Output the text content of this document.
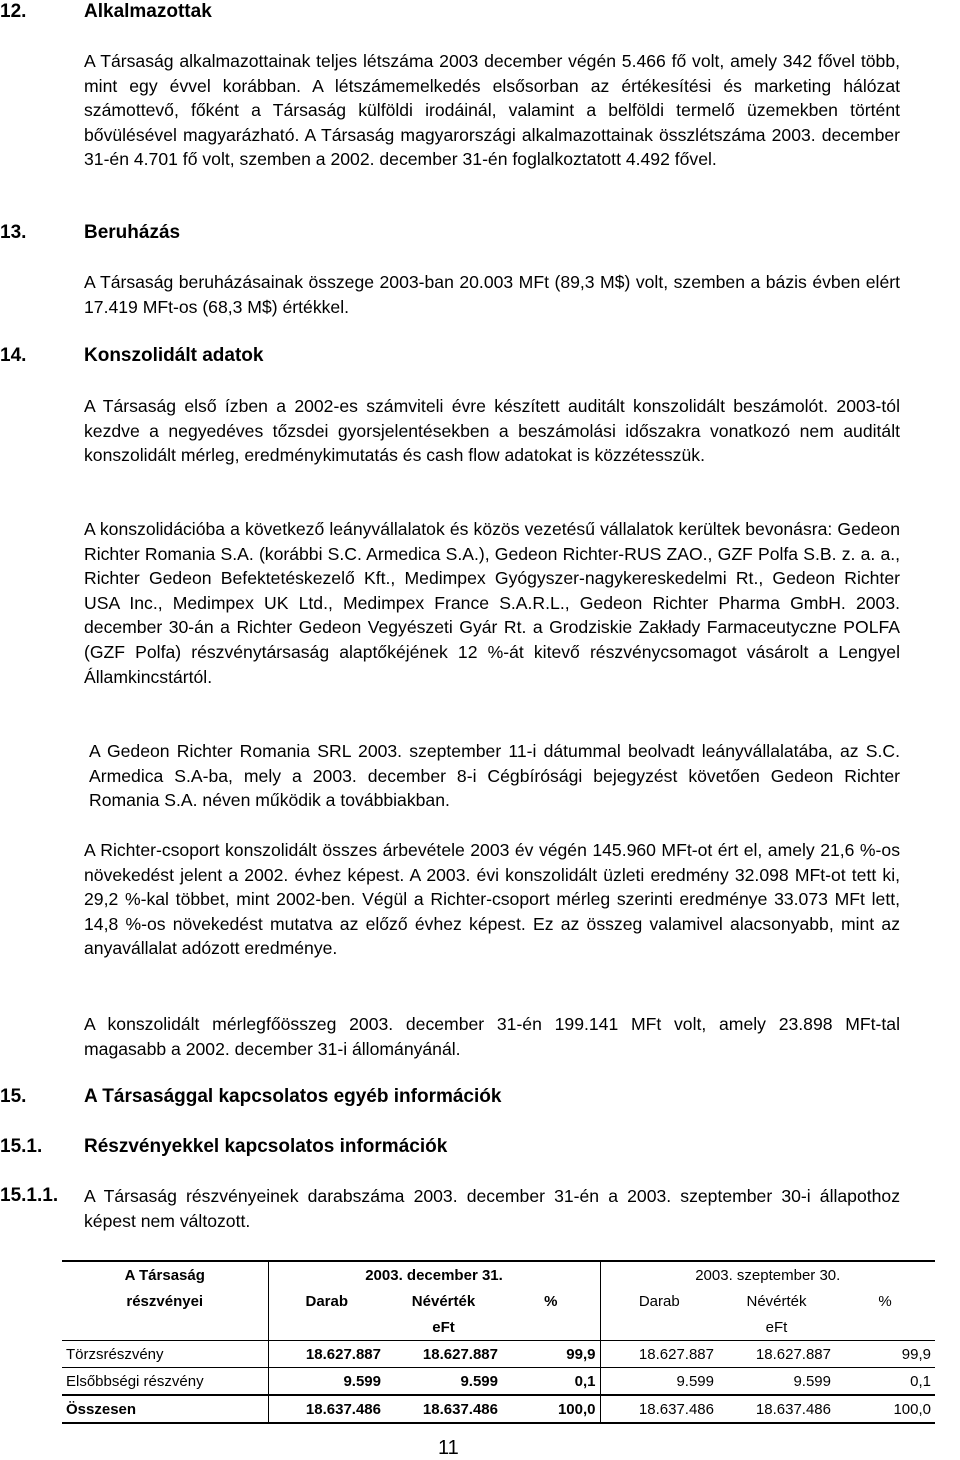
12.	Alkalmazottak
A Társaság alkalmazottainak teljes létszáma 2003 december végén 5.466 fő volt, amely 342 fővel több, mint egy évvel korábban. A létszámemelkedés elsősorban az értékesítési és marketing hálózat számottevő, főként a Társaság külföldi irodáinál, valamint a belföldi termelő üzemekben történt bővülésével magyarázható. A Társaság magyarországi alkalmazottainak összlétszáma 2003. december 31-én 4.701 fő volt, szemben a 2002. december 31-én foglalkoztatott 4.492 fővel.
13.	Beruházás
A Társaság beruházásainak összege 2003-ban 20.003 MFt (89,3 M$) volt, szemben a bázis évben elért 17.419 MFt-os (68,3 M$) értékkel.
14.	Konszolidált adatok
A Társaság első ízben a 2002-es számviteli évre készített auditált konszolidált beszámolót. 2003-tól kezdve a negyedéves tőzsdei gyorsjelentésekben a beszámolási időszakra vonatkozó nem auditált konszolidált mérleg, eredménykimutatás és cash flow adatokat is közzétesszük.
A konszolidációba a következő leányvállalatok és közös vezetésű vállalatok kerültek bevonásra: Gedeon Richter Romania S.A. (korábbi S.C. Armedica S.A.), Gedeon Richter-RUS ZAO., GZF Polfa S.B. z. a. a., Richter Gedeon Befektetéskezelő Kft., Medimpex Gyógyszer-nagykereskedelmi Rt., Gedeon Richter USA Inc., Medimpex UK Ltd., Medimpex France S.A.R.L., Gedeon Richter Pharma GmbH. 2003. december 30-án a Richter Gedeon Vegyészeti Gyár Rt. a Grodziskie Zakłady Farmaceutyczne POLFA (GZF Polfa) részvénytársaság alaptőkéjének 12 %-át kitevő részvénycsomagot vásárolt a Lengyel Államkincstártól.
A Gedeon Richter Romania SRL 2003. szeptember 11-i dátummal beolvadt leányvállalatába, az S.C. Armedica S.A-ba, mely a 2003. december 8-i Cégbírósági bejegyzést követően Gedeon Richter Romania S.A. néven működik a továbbiakban.
A Richter-csoport konszolidált összes árbevétele 2003 év végén 145.960 MFt-ot ért el, amely 21,6 %-os növekedést jelent a 2002. évhez képest. A 2003. évi konszolidált üzleti eredmény 32.098 MFt-ot tett ki, 29,2 %-kal többet, mint 2002-ben. Végül a Richter-csoport mérleg szerinti eredménye 33.073 MFt lett, 14,8 %-os növekedést mutatva az előző évhez képest. Ez az összeg valamivel alacsonyabb, mint az anyavállalat adózott eredménye.
A konszolidált mérlegfőösszeg 2003. december 31-én 199.141 MFt volt, amely 23.898 MFt-tal magasabb a 2002. december 31-i állományánál.
15.	A Társasággal kapcsolatos egyéb információk
15.1. Részvényekkel kapcsolatos információk
15.1.1. A Társaság részvényeinek darabszáma 2003. december 31-én a 2003. szeptember 30-i állapothoz képest nem változott.
A Társaság	2003. december 31.			2003. szeptember 30.		
részvényei	Darab	Névérték	%	Darab	Névérték	%
		eFt			eFt	
Törzsrészvény	18.627.887	18.627.887	99,9	18.627.887	18.627.887	99,9
Elsőbbségi részvény	9.599	9.599	0,1	9.599	9.599	0,1
Összesen	18.637.486	18.637.486	100,0	18.637.486	18.637.486	100,0
11
